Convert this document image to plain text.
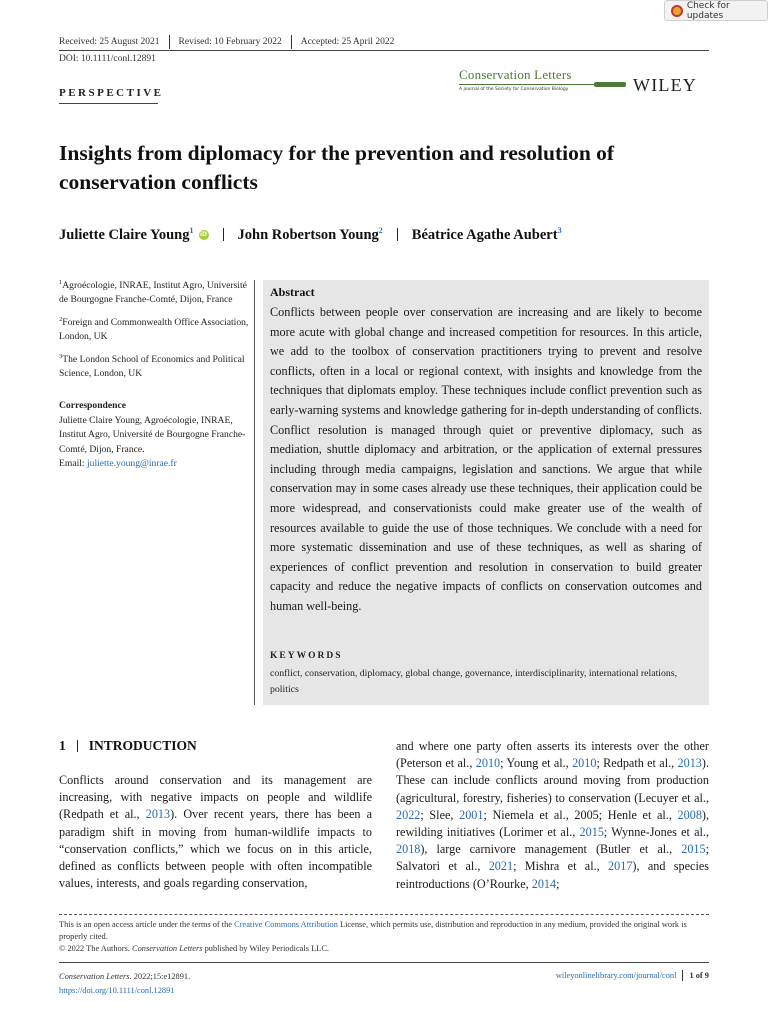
Check for updates
Received: 25 August 2021 Revised: 10 February 2022 Accepted: 25 April 2022
DOI: 10.1111/conl.12891
PERSPECTIVE
Conservation Letters
A journal of the Society for Conservation Biology	WILEY
Insights from diplomacy for the prevention and resolution of conservation conflicts
Juliette Claire Young$^1$ iD John Robertson Young$^2$ Béatrice Agathe Aubert$^3$

$^1$Agroécologie, INRAE, Institut Agro, Université de Bourgogne Franche-Comté, Dijon, France

$^2$Foreign and Commonwealth Office Association, London, UK

$^3$The London School of Economics and Political Science, London, UK

Correspondence
Juliette Claire Young, Agroécologie, INRAE, Institut Agro, Université de Bourgogne Franche-Comté, Dijon, France.
Email: juliette.young@inrae.fr
Abstract

Conflicts between people over conservation are increasing and are likely to become more acute with global change and increased competition for resources. In this article, we add to the toolbox of conservation practitioners trying to prevent and resolve conflicts, often in a local or regional context, with insights and knowledge from the techniques that diplomats employ. These techniques include conflict prevention such as early-warning systems and knowledge gathering for in-depth understanding of conflicts. Conflict resolution is managed through quiet or preventive diplomacy, such as mediation, shuttle diplomacy and arbitration, or the application of external pressures including through media campaigns, legislation and sanctions. We argue that while conservation may in some cases already use these techniques, their application could be more widespread, and conservationists could make greater use of the wealth of resources available to guide the use of those techniques. We conclude with a need for more systematic dissemination and use of these techniques, as well as sharing of experiences of conflict prevention and resolution in conservation to build greater capacity and reduce the negative impacts of conflicts on conservation outcomes and human well-being.

KEYWORDS
conflict, conservation, diplomacy, global change, governance, interdisciplinarity, international relations, politics
1 INTRODUCTION

Conflicts around conservation and its management are increasing, with negative impacts on people and wildlife (Redpath et al., 2013). Over recent years, there has been a paradigm shift in moving from human-wildlife impacts to “conservation conflicts,” which we focus on in this article, defined as conflicts between people with often incompatible values, interests, and goals regarding conservation,

and where one party often asserts its interests over the other (Peterson et al., 2010; Young et al., 2010; Redpath et al., 2013). These can include conflicts around moving from production (agricultural, forestry, fisheries) to conservation (Lecuyer et al., 2022; Slee, 2001; Niemela et al., 2005; Henle et al., 2008), rewilding initiatives (Lorimer et al., 2015; Wynne-Jones et al., 2018), large carnivore management (Butler et al., 2015; Salvatori et al., 2021; Mishra et al., 2017), and species reintroductions (O’Rourke, 2014;

This is an open access article under the terms of the Creative Commons Attribution License, which permits use, distribution and reproduction in any medium, provided the original work is properly cited.
© 2022 The Authors. Conservation Letters published by Wiley Periodicals LLC.
Conservation Letters. 2022;15:e12891.
https://doi.org/10.1111/conl.12891
wileyonlinelibrary.com/journal/conl 1 of 9
